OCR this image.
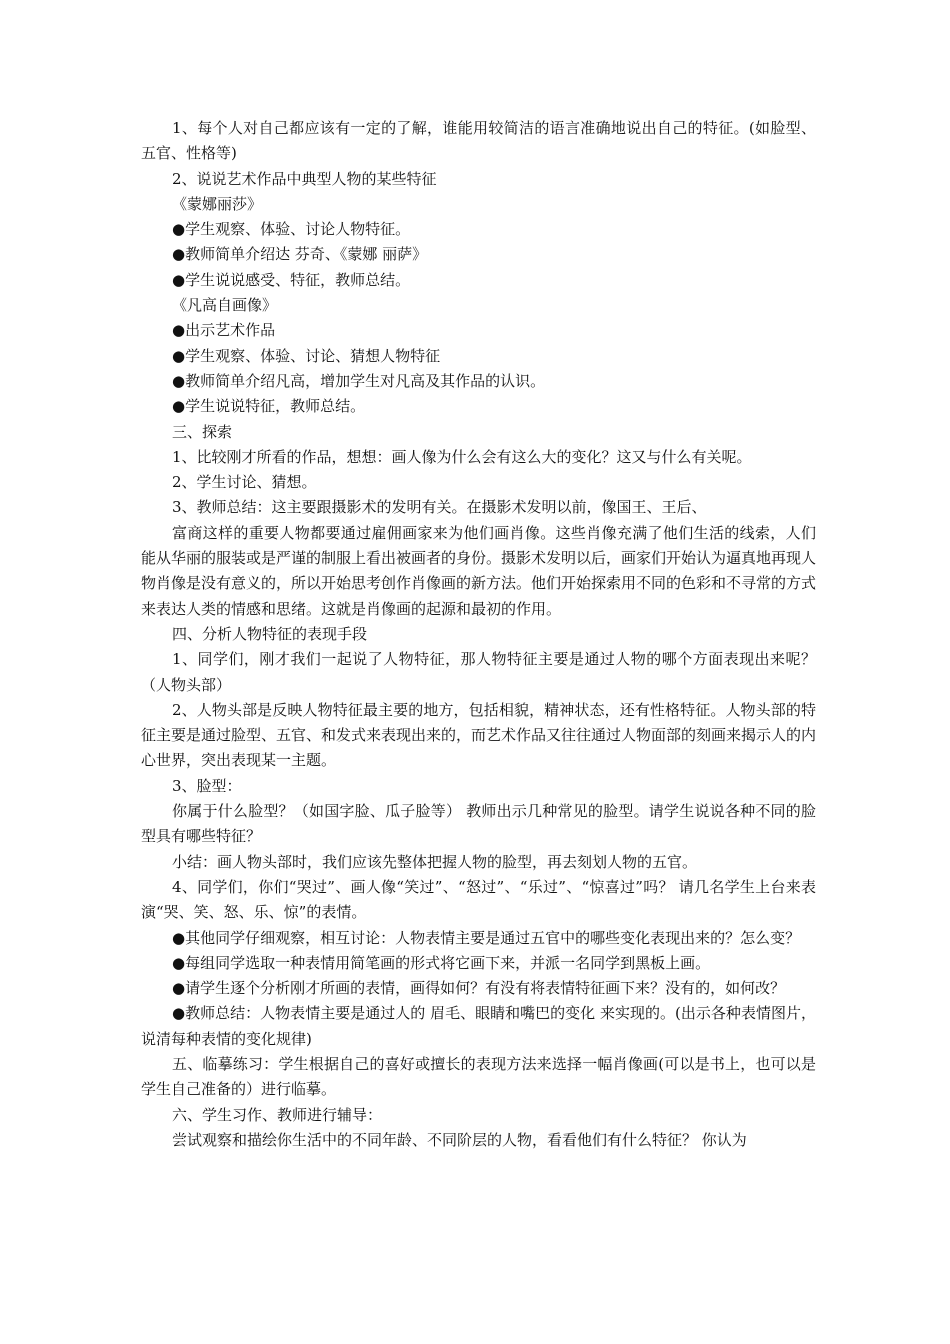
1、每个人对自己都应该有一定的了解，谁能用较简洁的语言准确地说出自己的特征。(如脸型、五官、性格等)

2、说说艺术作品中典型人物的某些特征

《蒙娜丽莎》

●学生观察、体验、讨论人物特征。

●教师简单介绍达 芬奇、《蒙娜 丽萨》

●学生说说感受、特征，教师总结。

《凡高自画像》

●出示艺术作品

●学生观察、体验、讨论、猜想人物特征

●教师简单介绍凡高，增加学生对凡高及其作品的认识。

●学生说说特征，教师总结。

三、探索

1、比较刚才所看的作品，想想：画人像为什么会有这么大的变化？这又与什么有关呢。

2、学生讨论、猜想。

3、教师总结：这主要跟摄影术的发明有关。在摄影术发明以前，像国王、王后、

富商这样的重要人物都要通过雇佣画家来为他们画肖像。这些肖像充满了他们生活的线索，人们能从华丽的服装或是严谨的制服上看出被画者的身份。摄影术发明以后，画家们开始认为逼真地再现人物肖像是没有意义的，所以开始思考创作肖像画的新方法。他们开始探索用不同的色彩和不寻常的方式来表达人类的情感和思绪。这就是肖像画的起源和最初的作用。

四、分析人物特征的表现手段

1、同学们，刚才我们一起说了人物特征，那人物特征主要是通过人物的哪个方面表现出来呢？（人物头部）

2、人物头部是反映人物特征最主要的地方，包括相貌，精神状态，还有性格特征。人物头部的特征主要是通过脸型、五官、和发式来表现出来的，而艺术作品又往往通过人物面部的刻画来揭示人的内心世界，突出表现某一主题。

3、脸型：

你属于什么脸型？（如国字脸、瓜子脸等） 教师出示几种常见的脸型。请学生说说各种不同的脸型具有哪些特征？

小结：画人物头部时，我们应该先整体把握人物的脸型，再去刻划人物的五官。

4、同学们，你们“哭过”、画人像“笑过”、“怒过”、“乐过”、“惊喜过”吗？ 请几名学生上台来表演“哭、笑、怒、乐、惊”的表情。

●其他同学仔细观察，相互讨论：人物表情主要是通过五官中的哪些变化表现出来的？怎么变？

●每组同学选取一种表情用简笔画的形式将它画下来，并派一名同学到黑板上画。

●请学生逐个分析刚才所画的表情，画得如何？有没有将表情特征画下来？没有的，如何改？

●教师总结：人物表情主要是通过人的 眉毛、眼睛和嘴巴的变化 来实现的。(出示各种表情图片，说清每种表情的变化规律)

五、临摹练习：学生根据自己的喜好或擅长的表现方法来选择一幅肖像画(可以是书上，也可以是学生自己准备的）进行临摹。

六、学生习作、教师进行辅导：

尝试观察和描绘你生活中的不同年龄、不同阶层的人物，看看他们有什么特征？ 你认为
